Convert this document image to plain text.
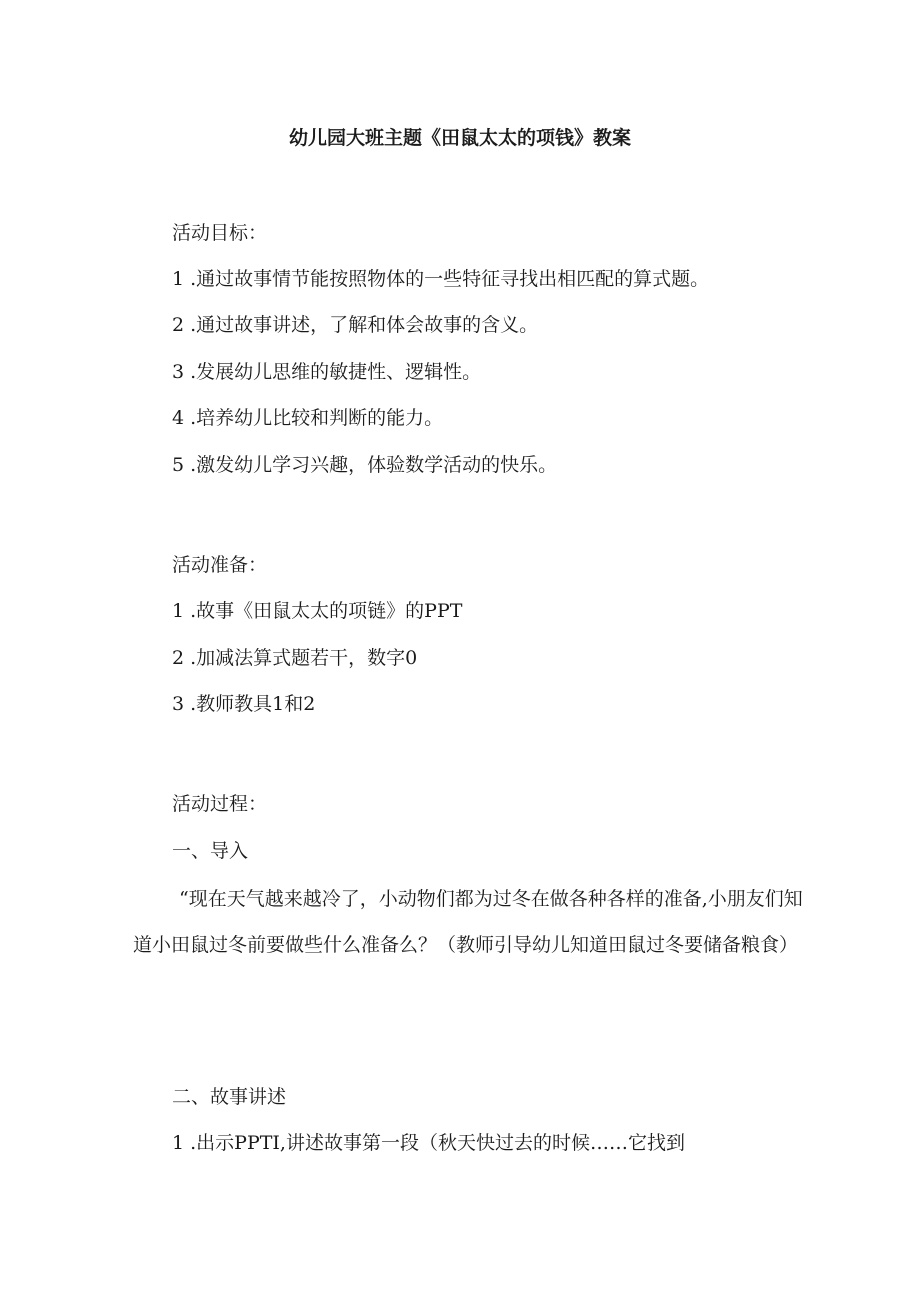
幼儿园大班主题《田鼠太太的项钱》教案

活动目标：

1 .通过故事情节能按照物体的一些特征寻找出相匹配的算式题。

2 .通过故事讲述，了解和体会故事的含义。

3 .发展幼儿思维的敏捷性、逻辑性。

4 .培养幼儿比较和判断的能力。

5 .激发幼儿学习兴趣，体验数学活动的快乐。

活动准备：

1 .故事《田鼠太太的项链》的PPT

2 .加减法算式题若干，数字0

3 .教师教具1和2

活动过程：

一、导入

“现在天气越来越冷了，小动物们都为过冬在做各种各样的准备,小朋友们知道小田鼠过冬前要做些什么准备么？（教师引导幼儿知道田鼠过冬要储备粮食）

二、故事讲述

1 .出示PPTI,讲述故事第一段（秋天快过去的时候……它找到
